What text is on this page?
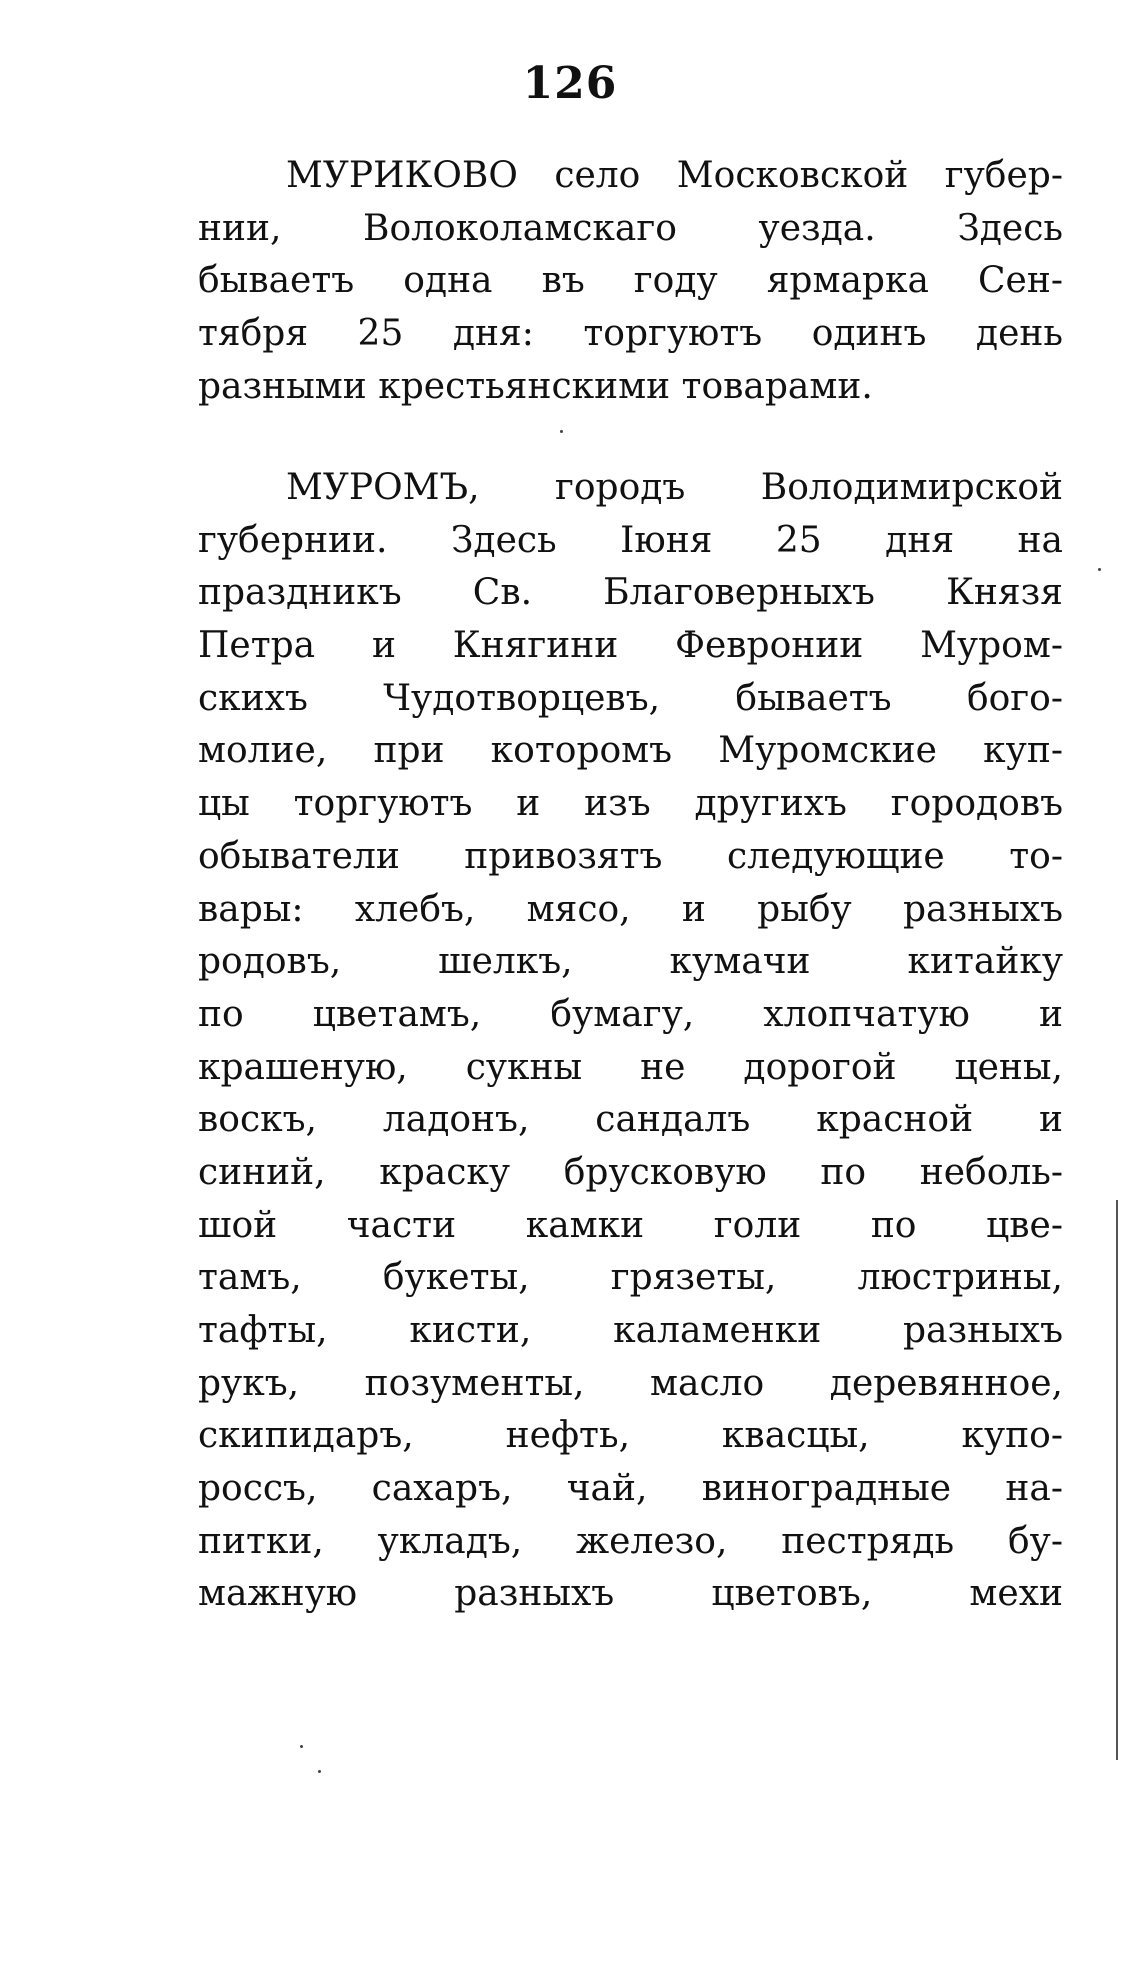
126
МУРИКОВО село Московской губер-
нии, Волоколамскаго уезда. Здесь
бываетъ одна въ году ярмарка Сен-
тября 25 дня: торгуютъ одинъ день
разными крестьянскими товарами.
МУРОМЪ, городъ Володимирской
губернии. Здесь Іюня 25 дня на
праздникъ Св. Благоверныхъ Князя
Петра и Княгини Февронии Муром-
скихъ Чудотворцевъ, бываетъ бого-
молие, при которомъ Муромские куп-
цы торгуютъ и изъ другихъ городовъ
обыватели привозятъ следующие то-
вары: хлебъ, мясо, и рыбу разныхъ
родовъ, шелкъ, кумачи китайку
по цветамъ, бумагу, хлопчатую и
крашеную, сукны не дорогой цены,
воскъ, ладонъ, сандалъ красной и
синий, краску брусковую по неболь-
шой части камки голи по цве-
тамъ, букеты, грязеты, люстрины,
тафты, кисти, каламенки разныхъ
рукъ, позументы, масло деревянное,
скипидаръ, нефть, квасцы, купо-
россъ, сахаръ, чай, виноградные на-
питки, укладъ, железо, пестрядь бу-
мажную разныхъ цветовъ, мехи
